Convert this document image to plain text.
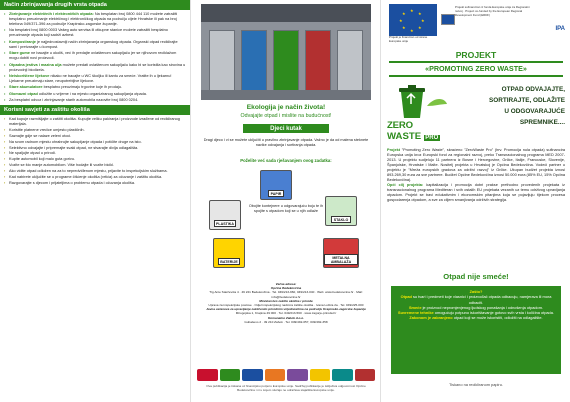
Način zbrinjavanja drugih vrsta otpada
• Zbrinjavanje električnih i elektroničkih otpada: Na besplatan broj 0800 444 110 možete zatražiti besplatno preuzimanje električnog i elektroničkog otpada na području cijele Hrvatske ili pak na broj telefona 049/371-396 za područje Krapinsko-zagorske županije.
• Na besplatni broj 0800 0003 Vašeg auto servisa ili otkupne stanice možete zatražiti besplatno preuzimanje otpada koji sadrži azbest.
• Kompostiranje je najjednostavniji način zbrinjavanja organskog otpada. Organski otpad reciklirajte sami i pretvarajte u kompost.
• Stare gume ne bacajte u okoliš, već ih predajte ovlaštenom sakupljaču jer se njihovom reciklažom mogu dobiti novi proizvodi.
• Otpadna jestiva i mazina ulja možete predati ovlaštenom sakupljaču kako bi se koristila kao sirovina u proizvodnji biodizela.
• Neiskorištene lijekove nikako ne bacajte u WC školjku ili kantu za smeće. Vratite ih u ljekarnu! Ljekarne preuzimaju stare, neupotrebljive lijekove.
• Stare akumulatore besplatno preuzimaju trgovine koje ih prodaju.
• Glomazni otpad odložite u vrijeme i na mjesto organiziranog sakupljanja otpada.
• Za besplatni odvoz i zbrinjavanje starih automobila nazovite broj 0800 0204.
Korisni savjeti za zaštitu okoliša
› Kad kupuje razmišljajte o zaštiti okoliša. Kupujte veliku pakiranja i proizvode izrađene od recikliranog materijala.
› Koristite platnene vrećice umjesto plastičnih.
› Saznajte gdje se nalaze zeleni otoci.
› Na svom radnom mjestu ohrabrujte sakupljanje otpada i potičite druge na isto.
› Selektivno odvajajte i pripremajte svaki otpad, ne stvarajte divlja odlagališta.
› Ne spaljujte otpad u prirodi.
› Kupite automobil koji malo guta gorivu.
› Vozite se što manje automobilom. Više hodajte ili vozite bicikl.
› Ako vidite otpad odložen na za to nepredviđenom mjestu, prijavite to inspekcijskim službama.
› Kad nabirete uključite se u programe čišćenje okoliša (vrtića) za očuvanje i zaštitu okoliša.
› Razgovarajte s djecom i prijateljima o problemu otpada i očuvanja okoliša.
Ekologija je način života!
Odvajajte otpad i mislite na budućnost!
Djeci kutak
Dragi djeco i vi se možete uključiti u pravilno zbrinjavanje otpada. Važno je da od malena steknete navike odvajanja i sortiranja otpada.
Poželite već sada rješavanjem ovog zadatka:
PAPIR
PLASTIKA
STAKLO
BATERIJE
METALNA AMBALAŽA
Obojite kontejnere u odgovarajuću boju te ih spojite s otpadom koji se u njih odlaže
Važna adresa:
Općina Bedekovčina
Trg Ante Starčevića 4 · 49 221 Bedekovčina · Tel. 049/213-960, 049/213-040 · Web: www.bedekovcina.hr · Mail: info@bedekovcina.hr
Ministarstvo zaštite okoliša i prirode
Uprava za inspekcijske poslove · Odjel inspekcijskog nadzora zaštite okoliša · Ivana Lučića 2a · Tel. 049/225-000
Javna ustanova za upravljanje zaštićenim prirodnim vrijednostima na području Krapinsko-zagorske županije
Mirogojska 1, Krapina 49 000 · Tel. 049/213-560 · www.zagorje-priroda.hr
Komunalno Zabok d.o.o.
Gubaševo 2 · 49 210 Zabok · Tel. 049/492-057, 049/492-358
Ova publikacija je tiskana uz financijsku potporu Europske unije. Sadržaj publikacije je isključiva odgovornost Općine Bedekovčina i ni u kojem slučaju ne odražava stajališta Europske unije.
★
★
★
★
★
★
★
★
Projekt je financiran od strane Europske unije
Projekt sufinanciran iz fonda Europske unije za Regionalni razvoj · Project co-funded by the European Regional Development Fund (ERDF)
IPA
PROJEKT
«PROMOTING ZERO WASTE»
ZERO
WASTE PRO
OTPAD ODVAJAJTE,
SORTIRAJTE, ODLAŽITE
U ODGOVARAJUĆE
SPREMNIKE....
Projekt "Promoting Zero Waste", skraćeno "ZeroWaste Pro" (hrv. Promocija nula otpada) sufinancira Europska unija kroz Europski fond za regionalni razvoj, preko Transnacionalnog programa MED 2007-2013. U projektu sudjeluju 11 partnera iz Bosne i Hercegovine, Grčke, Italije, Francuske, Slovenije, Španjolske, Hrvatske i Malte. Nositelj projekta u Hrvatskoj je Općina Bedekovčina. Vodeći partner u projektu je "Mreža europskih gradova za održivi razvoj" iz Grčke. Ukupan budžet projekta iznosi 893.269,30 eura za sve partnere. Budžet Općine Bedekovčina iznosi 50.000 eura (85% EU, 15% Općina Bedekovčina).
Opći cilj projekta: kapitalizacija i promocija dobri prakse prethodno provedenih projekata iz transnacionalnog programa Mediteran i svih ostalih EU projekata vezanih uz temu održivog upravljanja otpadom. Projekt se bavi edukativnim i ekonomskim pitanjima koja se pojavljuju tijekom procesa gospodarenja otpadom, a sve za ciljem smanjivanja održivih strategija.
Otpad nije smeće!
Zašto?
Otpad su tvari i predmeti koje vlasnici i proizvođač otpada odbacuju, namjerava ili mora odbaciti.
Smeće je proizvod nepromjenjenog ljudskog ponašanja i odnošenja otpadom.
Suvremene tehnike omogućuju potpuno iskorištavanje gotovo svih vrsta i količina otpada.
Zakonom je zabranjeno otpad koji se može iskoristiti, odložiti na odlagalište.
Tiskano na recikliranom papiru.
